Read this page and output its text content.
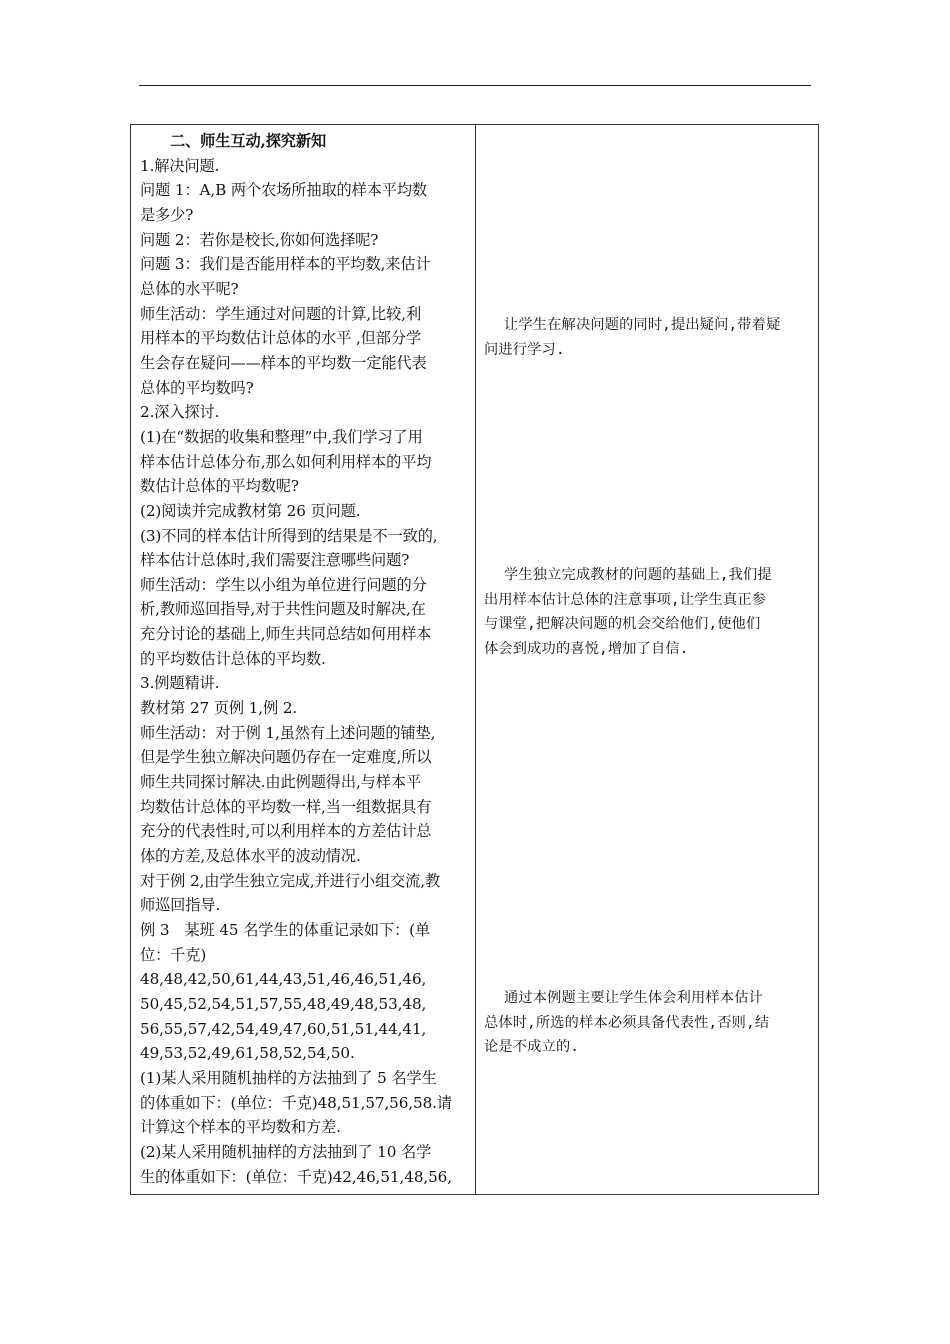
二、师生互动,探究新知
1.解决问题.
问题 1：A,B 两个农场所抽取的样本平均数
是多少?
问题 2：若你是校长,你如何选择呢?
问题 3：我们是否能用样本的平均数,来估计
总体的水平呢?
师生活动：学生通过对问题的计算,比较,利
用样本的平均数估计总体的水平 ,但部分学
生会存在疑问——样本的平均数一定能代表
总体的平均数吗?
2.深入探讨.
(1)在“数据的收集和整理”中,我们学习了用
样本估计总体分布,那么如何利用样本的平均
数估计总体的平均数呢?
(2)阅读并完成教材第 26 页问题.
(3)不同的样本估计所得到的结果是不一致的,
样本估计总体时,我们需要注意哪些问题?
师生活动：学生以小组为单位进行问题的分
析,教师巡回指导,对于共性问题及时解决,在
充分讨论的基础上,师生共同总结如何用样本
的平均数估计总体的平均数.
3.例题精讲.
教材第 27 页例 1,例 2.
师生活动：对于例 1,虽然有上述问题的铺垫,
但是学生独立解决问题仍存在一定难度,所以
师生共同探讨解决.由此例题得出,与样本平
均数估计总体的平均数一样,当一组数据具有
充分的代表性时,可以利用样本的方差估计总
体的方差,及总体水平的波动情况.
对于例 2,由学生独立完成,并进行小组交流,教
师巡回指导.
例 3　某班 45 名学生的体重记录如下：(单
位：千克)
48,48,42,50,61,44,43,51,46,46,51,46,
50,45,52,54,51,57,55,48,49,48,53,48,
56,55,57,42,54,49,47,60,51,51,44,41,
49,53,52,49,61,58,52,54,50.
(1)某人采用随机抽样的方法抽到了 5 名学生
的体重如下：(单位：千克)48,51,57,56,58.请
计算这个样本的平均数和方差.
(2)某人采用随机抽样的方法抽到了 10 名学
生的体重如下：(单位：千克)42,46,51,48,56,
让学生在解决问题的同时,提出疑问,带着疑
问进行学习.
学生独立完成教材的问题的基础上,我们提
出用样本估计总体的注意事项,让学生真正参
与课堂,把解决问题的机会交给他们,使他们
体会到成功的喜悦,增加了自信.
通过本例题主要让学生体会利用样本估计
总体时,所选的样本必须具备代表性,否则,结
论是不成立的.
